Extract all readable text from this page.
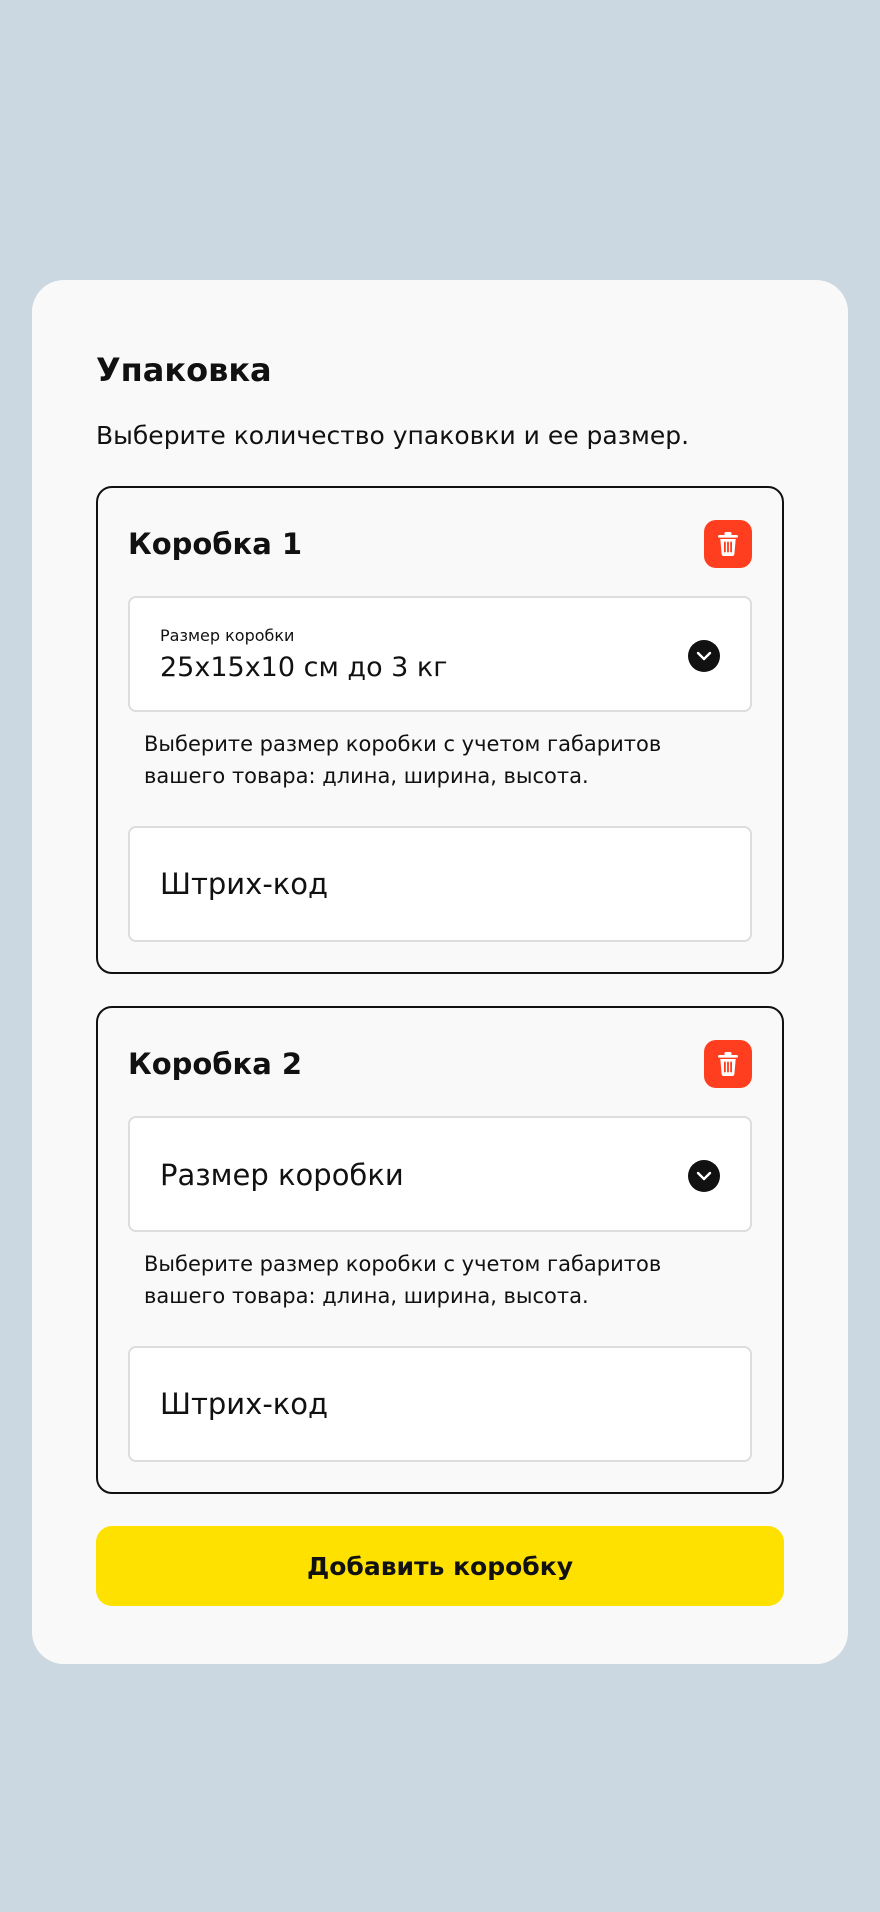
Упаковка

Выберите количество упаковки и ее размер.

Коробка 1
Размер коробки
25x15x10 см до 3 кг

Выберите размер коробки с учетом габаритов вашего товара: длина, ширина, высота.

Штрих-код
Коробка 2
Размер коробки

Выберите размер коробки с учетом габаритов вашего товара: длина, ширина, высота.

Штрих-код
Добавить коробку
